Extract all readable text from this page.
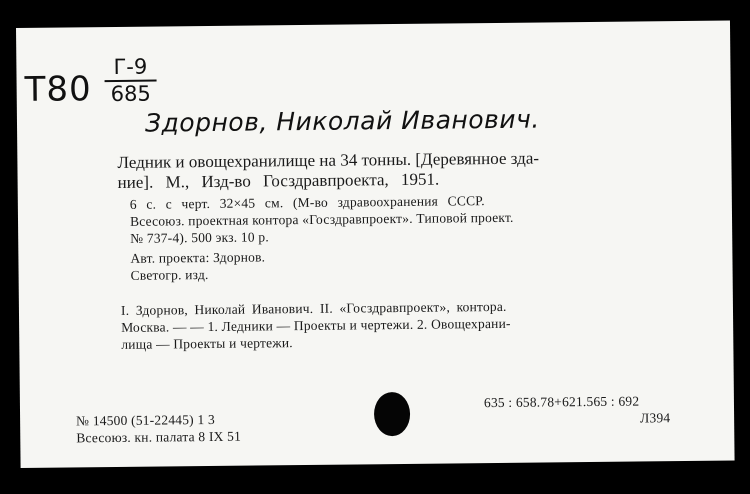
T80
Г-9
685
Здорнов, Николай Иванович.
Ледник и овощехранилище на 34 тонны. [Деревянное зда-
ние]. М., Изд-во Госздравпроекта, 1951.
6 с. с черт. 32×45 см. (М-во здравоохранения СССР.
Всесоюз. проектная контора «Госздравпроект». Типовой проект.
№ 737-4). 500 экз. 10 р.
Авт. проекта: Здорнов.
Светогр. изд.
I. Здорнов, Николай Иванович. II. «Госздравпроект», контора.
Москва. — — 1. Ледники — Проекты и чертежи. 2. Овощехрани-
лища — Проекты и чертежи.
№ 14500 (51-22445) 1 3
Всесоюз. кн. палата 8 IX 51
635 : 658.78+621.565 : 692
Л394
